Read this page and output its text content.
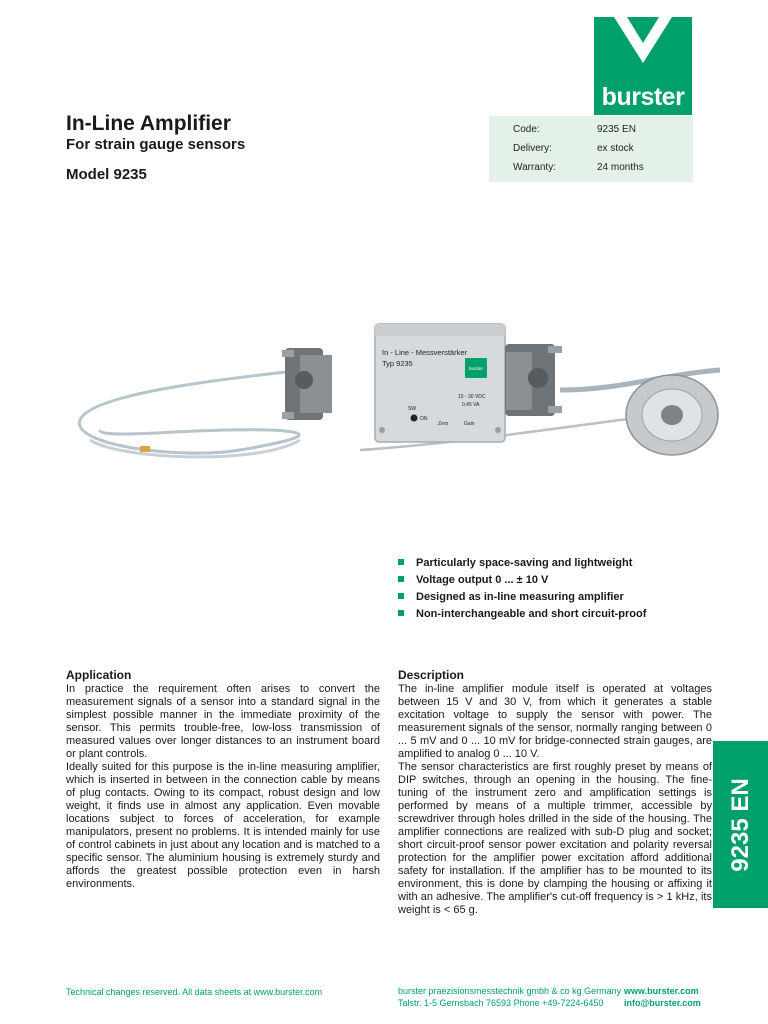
burster
In-Line Amplifier
For strain gauge sensors
Model 9235
Code:	9235 EN
Delivery:	ex stock
Warranty:	24 months
In - Line - Messverstärker
Typ 9235
burster
15 - 30 VDC
0,45 VA
SW
ON
Zero	Gain
Particularly space-saving and lightweight
Voltage output 0 ... ± 10 V
Designed as in-line measuring amplifier
Non-interchangeable and short circuit-proof
Application

In practice the requirement often arises to convert the measurement signals of a sensor into a standard signal in the simplest possible manner in the immediate proximity of the sensor. This permits trouble-free, low-loss transmission of measured values over longer distances to an instrument board or plant controls.
Ideally suited for this purpose is the in-line measuring amplifier, which is inserted in between in the connection cable by means of plug contacts. Owing to its compact, robust design and low weight, it finds use in almost any application. Even movable locations subject to forces of acceleration, for example manipulators, present no problems. It is intended mainly for use of control cabinets in just about any location and is matched to a specific sensor. The aluminium housing is extremely sturdy and affords the greatest possible protection even in harsh environments.

Description

The in-line amplifier module itself is operated at voltages between 15 V and 30 V, from which it generates a stable excitation voltage to supply the sensor with power. The measurement signals of the sensor, normally ranging between 0 ... 5 mV and 0 ... 10 mV for bridge-connected strain gauges, are amplified to analog 0 ... 10 V.
The sensor characteristics are first roughly preset by means of DIP switches, through an opening in the housing. The fine-tuning of the instrument zero and amplification settings is performed by means of a multiple trimmer, accessible by screwdriver through holes drilled in the side of the housing. The amplifier connections are realized with sub-D plug and socket; short circuit-proof sensor power excitation and polarity reversal protection for the amplifier power excitation afford additional safety for installation. If the amplifier has to be mounted to its environment, this is done by clamping the housing or affixing it with an adhesive. The amplifier's cut-off frequency is > 1 kHz, its weight is < 65 g.

9235 EN
Technical changes reserved. All data sheets at www.burster.com	burster praezisionsmesstechnik gmbh & co kg Germany
Talstr. 1-5 Gernsbach 76593 Phone +49-7224-6450
www.burster.com
info@burster.com
